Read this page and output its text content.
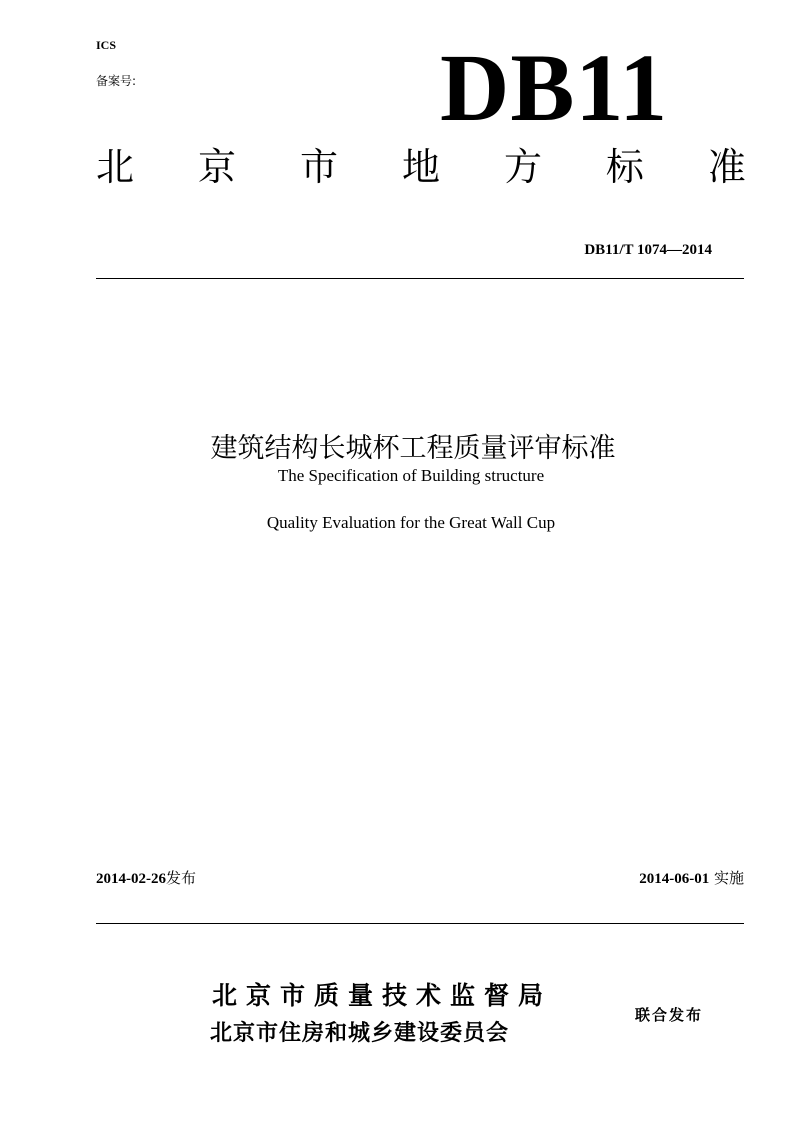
ICS
备案号:	DB11
北 京 市 地 方 标 准
DB11/T 1074—2014
建筑结构长城杯工程质量评审标准
The Specification of Building structure
Quality Evaluation for the Great Wall Cup
2014-02-26发布	2014-06-01 实施
北京市质量技术监督局
北京市住房和城乡建设委员会
联合发布
